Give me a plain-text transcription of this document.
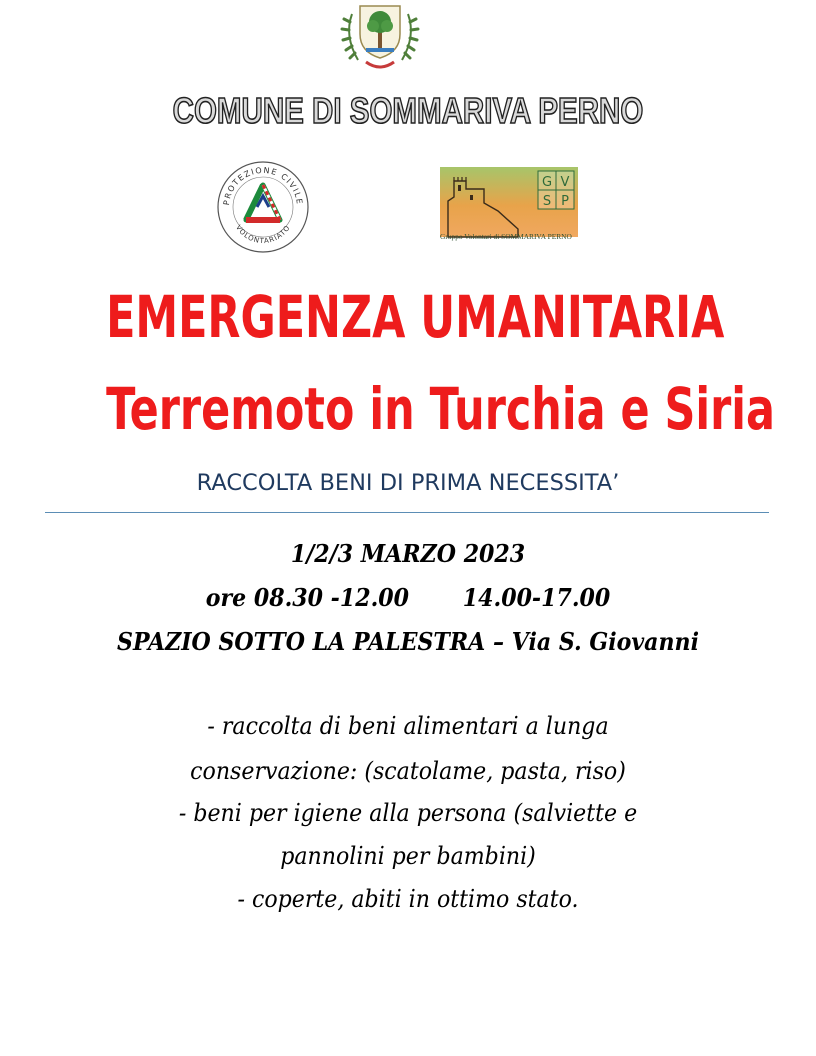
COMUNE DI SOMMARIVA PERNO
PROTEZIONE CIVILE
VOLONTARIATO
G V
S P
Gruppo Volontari di SOMMARIVA PERNO
EMERGENZA UMANITARIA
Terremoto in Turchia e Siria
RACCOLTA BENI DI PRIMA NECESSITA’
1/2/3 MARZO 2023
ore 08.30 -12.00       14.00-17.00
SPAZIO SOTTO LA PALESTRA – Via S. Giovanni
- raccolta di beni alimentari a lunga
conservazione: (scatolame, pasta, riso)
- beni per igiene alla persona (salviette e
pannolini per bambini)
- coperte, abiti in ottimo stato.
